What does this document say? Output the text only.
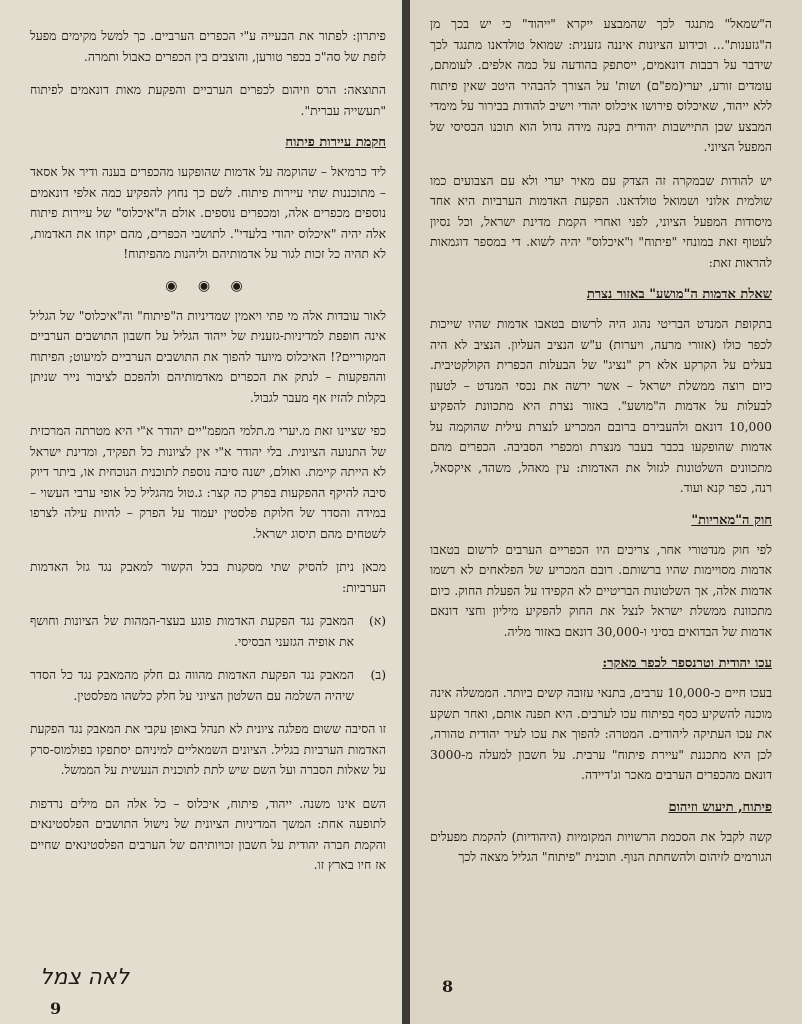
פיתרון: לפתור את הבעייה ע"י הכפרים הערביים. כך למשל מקימים מפעל לזפת של סה"כ בכפר טורען, והוצבים בין הכפרים כאבול ותמרה.

התוצאה: הרס וזיהום לכפרים הערביים והפקעת מאות דונאמים לפיתוח "תעשייה עברית".

חקמת עיירות פיתוח

ליד כרמיאל – שהוקמה על אדמות שהופקעו מהכפרים בענה ודיר אל אסאד – מתוכננות שתי עיירות פיתוח. לשם כך נחוץ להפקיע כמה אלפי דונאמים נוספים מכפרים אלה, ומכפרים נוספים. אולם ה"איכלוס" של עיירות פיתוח אלה יהיה "איכלוס יהודי בלעדי". לתושבי הכפרים, מהם יקחו את האדמות, לא תהיה כל זכות לגור על אדמותיהם וליהנות מהפיתוח!

◉ ◉ ◉

לאור עובדות אלה מי פתי ויאמין שמדיניות ה"פיתוח" וה"איכלוס" של הגליל אינה חופפת למדיניות-גזענית של ייהוד הגליל על חשבון התושבים הערביים המקוריים?! האיכלוס מיועד להפוך את התושבים הערביים למיעוט; הפיתוח וההפקעות – לנתק את הכפרים מאדמותיהם ולהפכם לציבור נייר שניתן בקלות להזיז אף מעבר לגבול.

כפי שציינו זאת מ.יערי מ.תלמי המפמ"יים יהודר א"י היא מטרתה המרכזית של התנועה הציונית. בלי יהודר א"י אין לציונות כל תפקיד, ומדינת ישראל לא הייתה קיימת. ואולם, ישנה סיבה נוספת לתוכנית הנוכחית או, ביתר דיוק סיבה להיקף ההפקעות בפרק כה קצר: ג.טול מהגליל כל אופי ערבי העשוי – במידה והסדר של חלוקת פלסטין יעמוד על הפרק – להיות עילה לצרפו לשטחים מהם תיסוג ישראל.

מכאן ניתן להסיק שתי מסקנות בכל הקשור למאבק נגד גזל האדמות הערביות:

(א)
המאבק נגד הפקעת האדמות פוגע בעצר-המהות של הציונות וחושף את אופיה הגזעני הבסיסי.
(ב)
המאבק נגד הפקעת האדמות מהווה גם חלק מהמאבק נגד כל הסדר שיהיה השלמה עם השלטון הציוני על חלק כלשהו מפלסטין.

זו הסיבה ששום מפלגה ציונית לא תנהל באופן עקבי את המאבק נגד הפקעת האדמות הערביות בגליל. הציונים השמאליים למיניהם יסתפקו בפולמוס-סרק על שאלות הסברה ועל השם שיש לתת לתוכנית הנעשית על הממשל.

השם אינו משנה. ייהוד, פיתוח, איכלוס – כל אלה הם מילים נרדפות לתופעה אחת: המשך המדיניות הציונית של נישול התושבים הפלסטינאים והקמת חברה יהודית על חשבון זכויותיהם של הערבים הפלסטינאים שחיים אז חיו בארץ זו.

לאה צמל
9

ה"שמאל" מתנגד לכך שהמבצע ייקרא "ייהוד" כי יש בכך מן ה"גזענות"... וכידוע הציונות איננה גזענית: שמואל טולדאנו מתנגד לכך שידבר על רבבות דונאמים, ייסתפק בהודעה על כמה אלפים. לעומתם, עומדים זורע, יערי(מפ"ם) ושות' על הצורך להבהיר היטב שאין פיתוח ללא ייהוד, שאיכלוס פירושו איכלוס יהודי וישיב להודות בבירור על מימדי המבצע שכן התיישבות יהודית בקנה מידה גדול הוא תוכנו הבסיסי של המפעל הציוני.

יש להודות שבמקרה זה הצדק עם מאיר יערי ולא עם הצבועים כמו שולמית אלוני ושמואל טולדאנו. הפקעת האדמות הערביות היא אחד מיסודות המפעל הציוני, לפני ואחרי הקמת מדינת ישראל, וכל נסיון לעטוף זאת במונחי "פיתוח" ו"איכלוס" יהיה לשוא. די במספר דוגמאות להראות זאת:

שאלת אדמות ה"מושע" באזור נצרת

בתקופת המנדט הבריטי נהוג היה לרשום בטאבו אדמות שהיו שייכות לכפר כולו (אזורי מרעה, ויערות) ע"ש הנציב העליון. הנציב לא היה בעלים על הקרקע אלא רק "נציג" של הבעלות הכפרית הקולקטיבית. כיום רוצה ממשלת ישראל – אשר ירשה את נכסי המנדט – לטעון לבעלות על אדמות ה"מושע". באזור נצרת היא מתכוונת להפקיע 10,000 דונאם ולהעבירם ברובם המכריע לנצרת עילית שהוקמה על אדמות שהופקעו בכבר בעבר מנצרת ומכפרי הסביבה. הכפרים מהם מתכוונים השלטונות לגזול את האדמות: עין מאהל, משהד, איקסאל, רנה, כפר קנא ועוד.

חוק ה"מאריות"

לפי חוק מנדטורי אחר, צריכים היו הכפריים הערבים לרשום בטאבו אדמות מסויימות שהיו ברשותם. רובם המכריע של הפלאחים לא רשמו אדמות אלה, אך השלטונות הבריטיים לא הקפידו על הפעלת החוק. כיום מתכוונת ממשלת ישראל לנצל את החוק להפקיע מיליון וחצי דונאם אדמות של הבדואים בסיני ו-30,000 דונאם באזור מליה.

עכו יהודית וטרנספר לכפר מאקר:

בעכו חיים כ-10,000 ערבים, בתנאי עזובה קשים ביותר. הממשלה אינה מוכנה להשקיע כסף בפיתוח עכו לערבים. היא תפנה אותם, ואחר תשקע את עכו העתיקה ליהודים. המטרה: להפוך את עכו לעיר יהודית טהורה, לכן היא מתכננת "עיירת פיתוח" ערבית. על חשבון למעלה מ-3000 דונאם מהכפרים הערבים מאכר וג'דיידה.

פיתוח, תיעוש וזיהום

קשה לקבל את הסכמת הרשויות המקומיות (היהודיות) להקמת מפעלים הגורמים לזיהום ולהשחתת הנוף. תוכנית "פיתוח" הגליל מצאה לכך

8
